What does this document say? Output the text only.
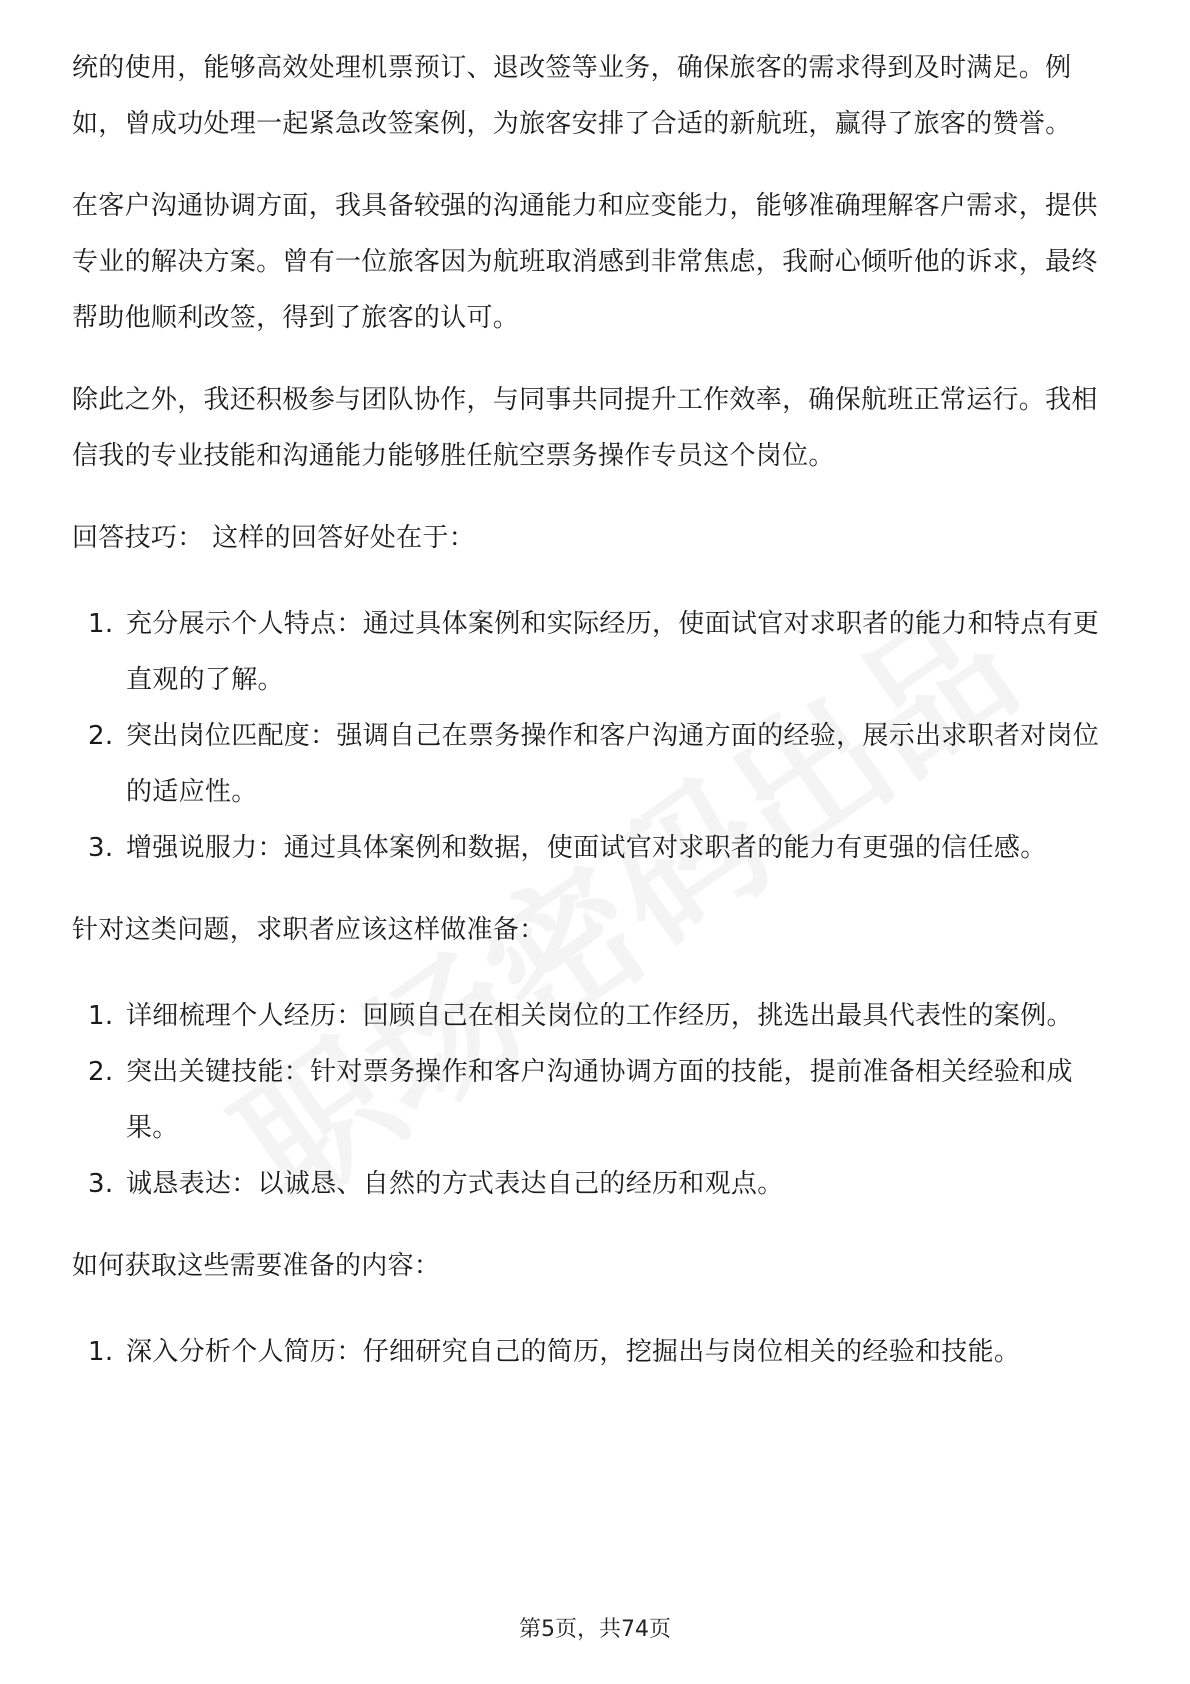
统的使用，能够高效处理机票预订、退改签等业务，确保旅客的需求得到及时满足。例如，曾成功处理一起紧急改签案例，为旅客安排了合适的新航班，赢得了旅客的赞誉。

在客户沟通协调方面，我具备较强的沟通能力和应变能力，能够准确理解客户需求，提供专业的解决方案。曾有一位旅客因为航班取消感到非常焦虑，我耐心倾听他的诉求，最终帮助他顺利改签，得到了旅客的认可。

除此之外，我还积极参与团队协作，与同事共同提升工作效率，确保航班正常运行。我相信我的专业技能和沟通能力能够胜任航空票务操作专员这个岗位。

回答技巧： 这样的回答好处在于：

1. 充分展示个人特点：通过具体案例和实际经历，使面试官对求职者的能力和特点有更直观的了解。
2. 突出岗位匹配度：强调自己在票务操作和客户沟通方面的经验，展示出求职者对岗位的适应性。
3. 增强说服力：通过具体案例和数据，使面试官对求职者的能力有更强的信任感。

针对这类问题，求职者应该这样做准备：

1. 详细梳理个人经历：回顾自己在相关岗位的工作经历，挑选出最具代表性的案例。
2. 突出关键技能：针对票务操作和客户沟通协调方面的技能，提前准备相关经验和成果。
3. 诚恳表达：以诚恳、自然的方式表达自己的经历和观点。

如何获取这些需要准备的内容：

1. 深入分析个人简历：仔细研究自己的简历，挖掘出与岗位相关的经验和技能。
第5页，共74页
